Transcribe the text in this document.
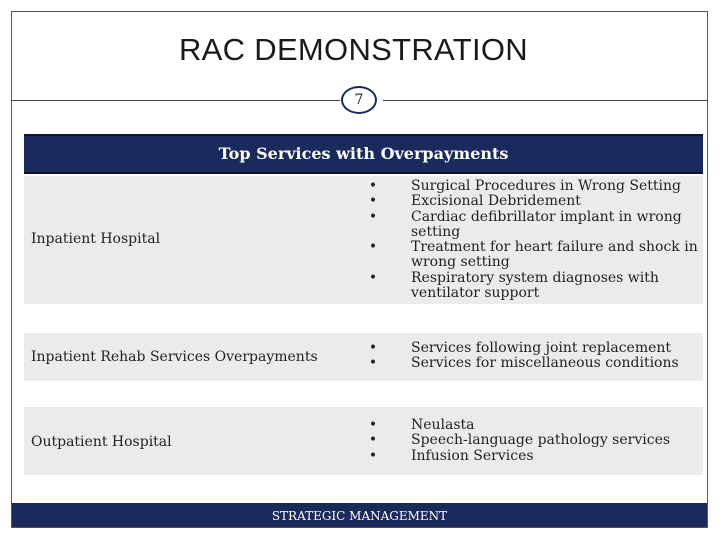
RAC DEMONSTRATION
7
Top Services with Overpayments
Inpatient Hospital
• Surgical Procedures in Wrong Setting
• Excisional Debridement
• Cardiac defibrillator implant in wrong setting
• Treatment for heart failure and shock in wrong setting
• Respiratory system diagnoses with ventilator support
Inpatient Rehab Services Overpayments
• Services following joint replacement
• Services for miscellaneous conditions
Outpatient Hospital
• Neulasta
• Speech-language pathology services
• Infusion Services
STRATEGIC MANAGEMENT
